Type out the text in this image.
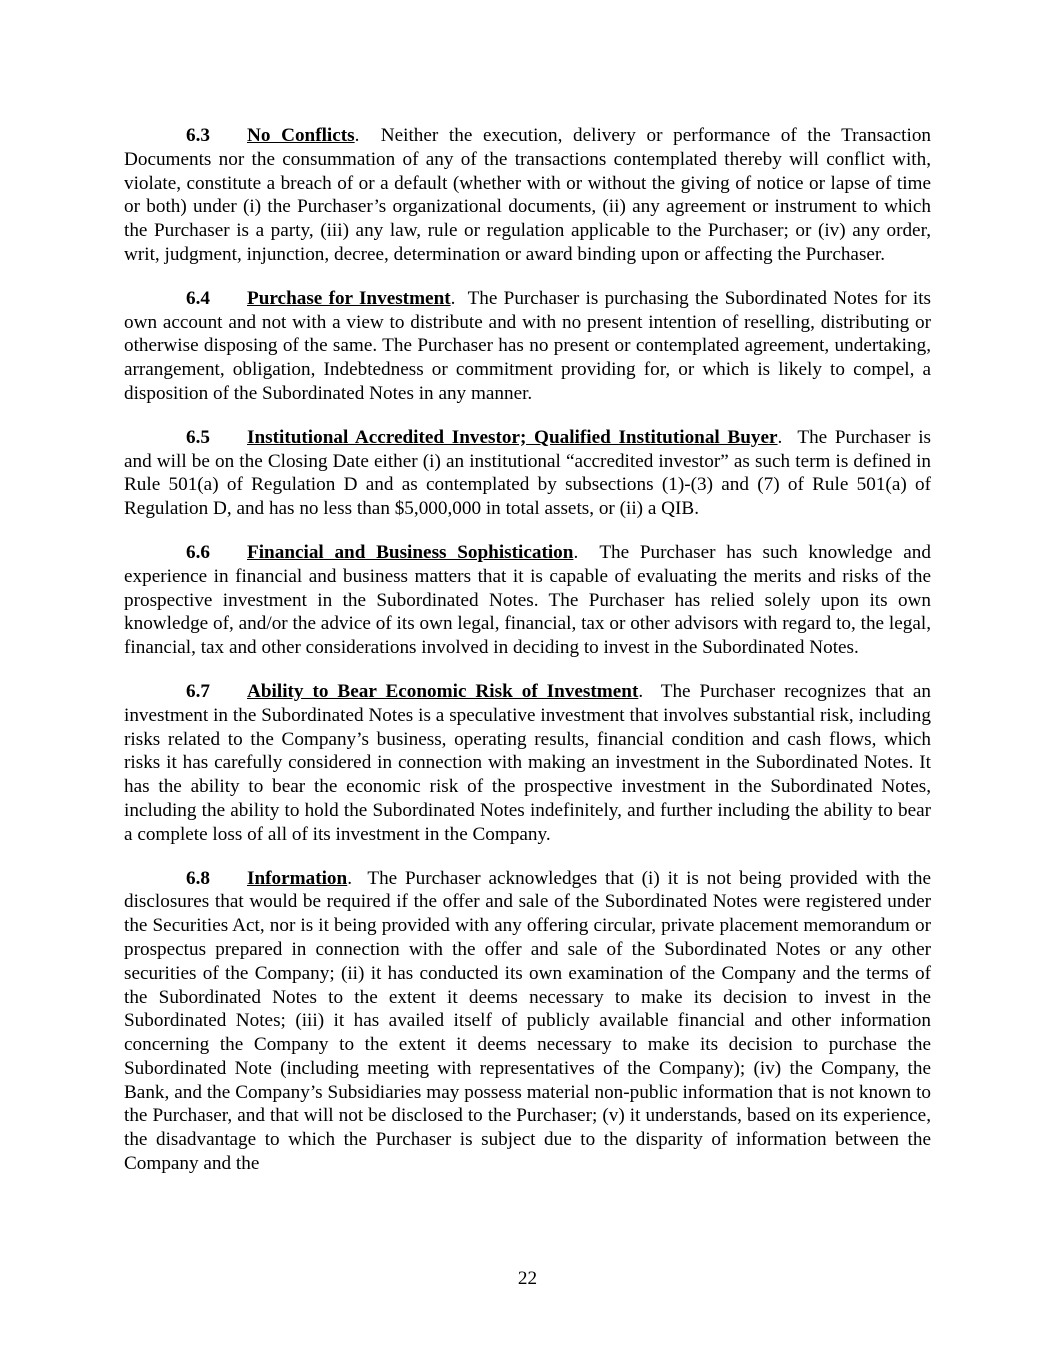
6.3 No Conflicts.  Neither the execution, delivery or performance of the Transaction Documents nor the consummation of any of the transactions contemplated thereby will conflict with, violate, constitute a breach of or a default (whether with or without the giving of notice or lapse of time or both) under (i) the Purchaser’s organizational documents, (ii) any agreement or instrument to which the Purchaser is a party, (iii) any law, rule or regulation applicable to the Purchaser; or (iv) any order, writ, judgment, injunction, decree, determination or award binding upon or affecting the Purchaser.

6.4 Purchase for Investment.  The Purchaser is purchasing the Subordinated Notes for its own account and not with a view to distribute and with no present intention of reselling, distributing or otherwise disposing of the same. The Purchaser has no present or contemplated agreement, undertaking, arrangement, obligation, Indebtedness or commitment providing for, or which is likely to compel, a disposition of the Subordinated Notes in any manner.

6.5 Institutional Accredited Investor; Qualified Institutional Buyer.  The Purchaser is and will be on the Closing Date either (i) an institutional “accredited investor” as such term is defined in Rule 501(a) of Regulation D and as contemplated by subsections (1)-(3) and (7) of Rule 501(a) of Regulation D, and has no less than $5,000,000 in total assets, or (ii) a QIB.

6.6 Financial and Business Sophistication.  The Purchaser has such knowledge and experience in financial and business matters that it is capable of evaluating the merits and risks of the prospective investment in the Subordinated Notes. The Purchaser has relied solely upon its own knowledge of, and/or the advice of its own legal, financial, tax or other advisors with regard to, the legal, financial, tax and other considerations involved in deciding to invest in the Subordinated Notes.

6.7 Ability to Bear Economic Risk of Investment.  The Purchaser recognizes that an investment in the Subordinated Notes is a speculative investment that involves substantial risk, including risks related to the Company’s business, operating results, financial condition and cash flows, which risks it has carefully considered in connection with making an investment in the Subordinated Notes. It has the ability to bear the economic risk of the prospective investment in the Subordinated Notes, including the ability to hold the Subordinated Notes indefinitely, and further including the ability to bear a complete loss of all of its investment in the Company.

6.8 Information.  The Purchaser acknowledges that (i) it is not being provided with the disclosures that would be required if the offer and sale of the Subordinated Notes were registered under the Securities Act, nor is it being provided with any offering circular, private placement memorandum or prospectus prepared in connection with the offer and sale of the Subordinated Notes or any other securities of the Company; (ii) it has conducted its own examination of the Company and the terms of the Subordinated Notes to the extent it deems necessary to make its decision to invest in the Subordinated Notes; (iii) it has availed itself of publicly available financial and other information concerning the Company to the extent it deems necessary to make its decision to purchase the Subordinated Note (including meeting with representatives of the Company); (iv) the Company, the Bank, and the Company’s Subsidiaries may possess material non-public information that is not known to the Purchaser, and that will not be disclosed to the Purchaser; (v) it understands, based on its experience, the disadvantage to which the Purchaser is subject due to the disparity of information between the Company and the

22
